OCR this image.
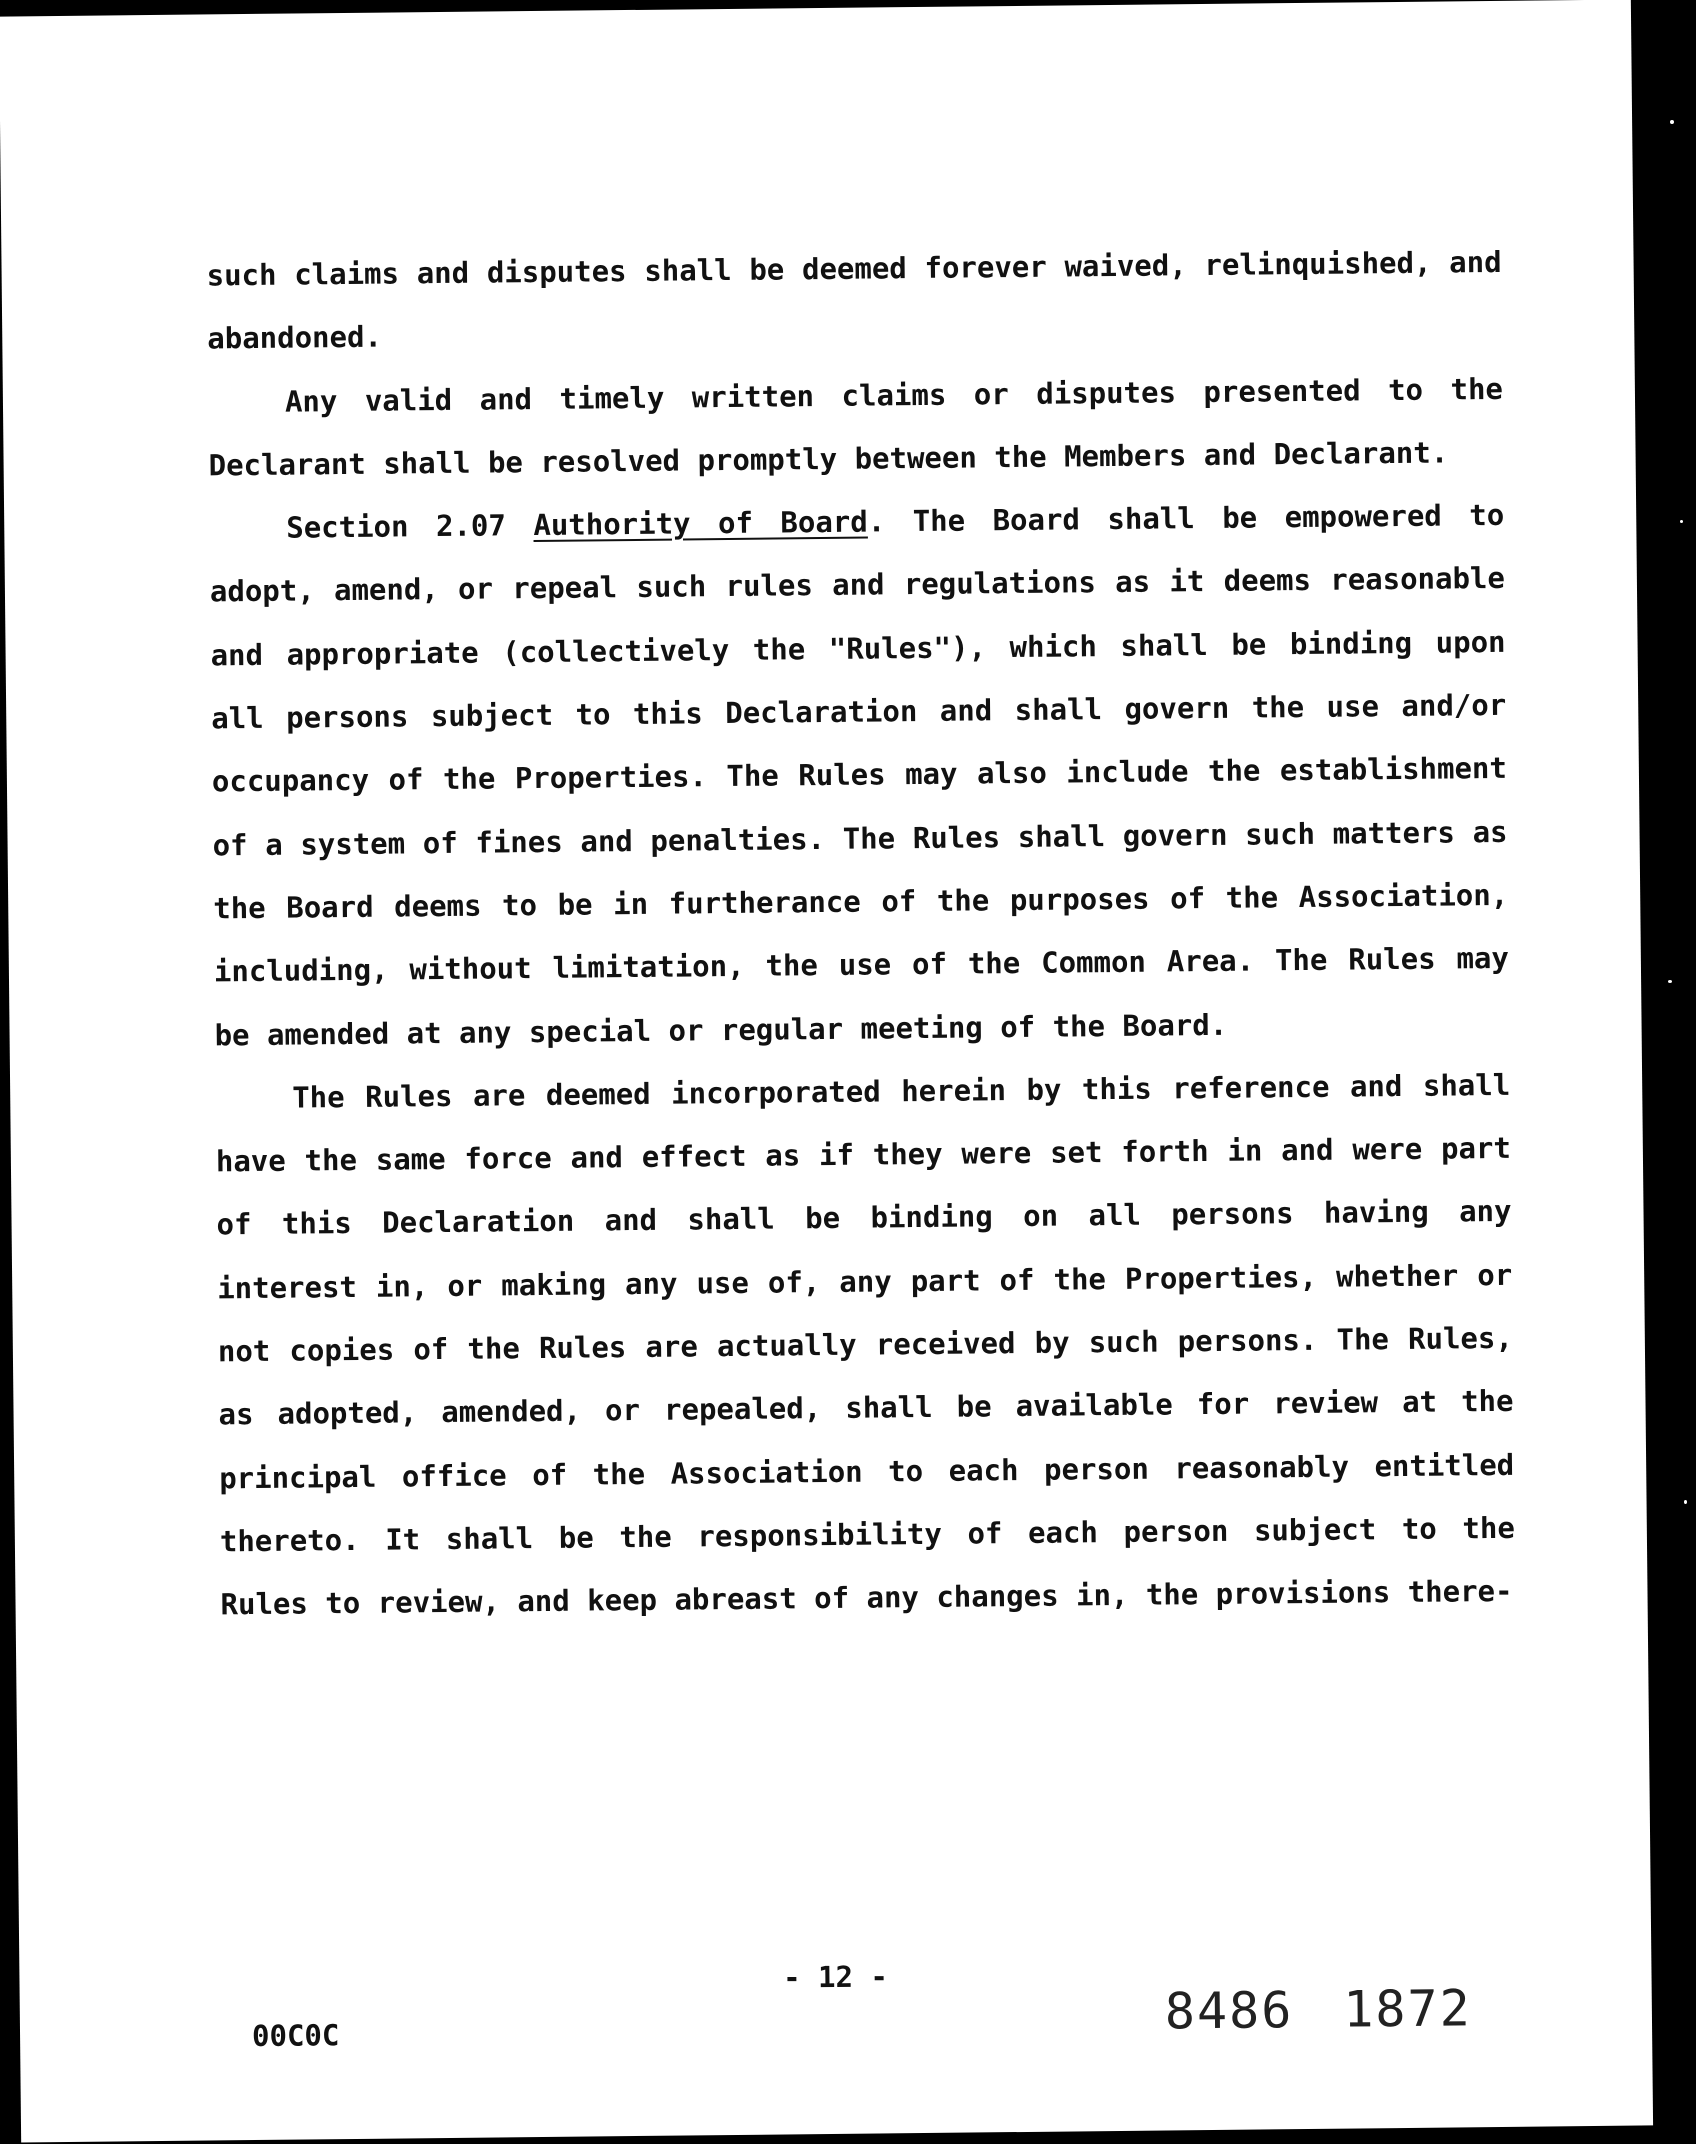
such claims and disputes shall be deemed forever waived, relinquished, and abandoned.

Any valid and timely written claims or disputes presented to the Declarant shall be resolved promptly between the Members and Declarant.

Section 2.07 Authority of Board. The Board shall be empowered to adopt, amend, or repeal such rules and regulations as it deems reasonable and appropriate (collectively the "Rules"), which shall be binding upon all persons subject to this Declaration and shall govern the use and/or occupancy of the Properties. The Rules may also include the establishment of a system of fines and penalties. The Rules shall govern such matters as the Board deems to be in furtherance of the purposes of the Association, including, without limitation, the use of the Common Area. The Rules may be amended at any special or regular meeting of the Board.

The Rules are deemed incorporated herein by this reference and shall have the same force and effect as if they were set forth in and were part of this Declaration and shall be binding on all persons having any interest in, or making any use of, any part of the Properties, whether or not copies of the Rules are actually received by such persons. The Rules, as adopted, amended, or repealed, shall be available for review at the principal office of the Association to each person reasonably entitled thereto. It shall be the responsibility of each person subject to the Rules to review, and keep abreast of any changes in, the provisions there-

- 12 -
00C0C	8486 1872
